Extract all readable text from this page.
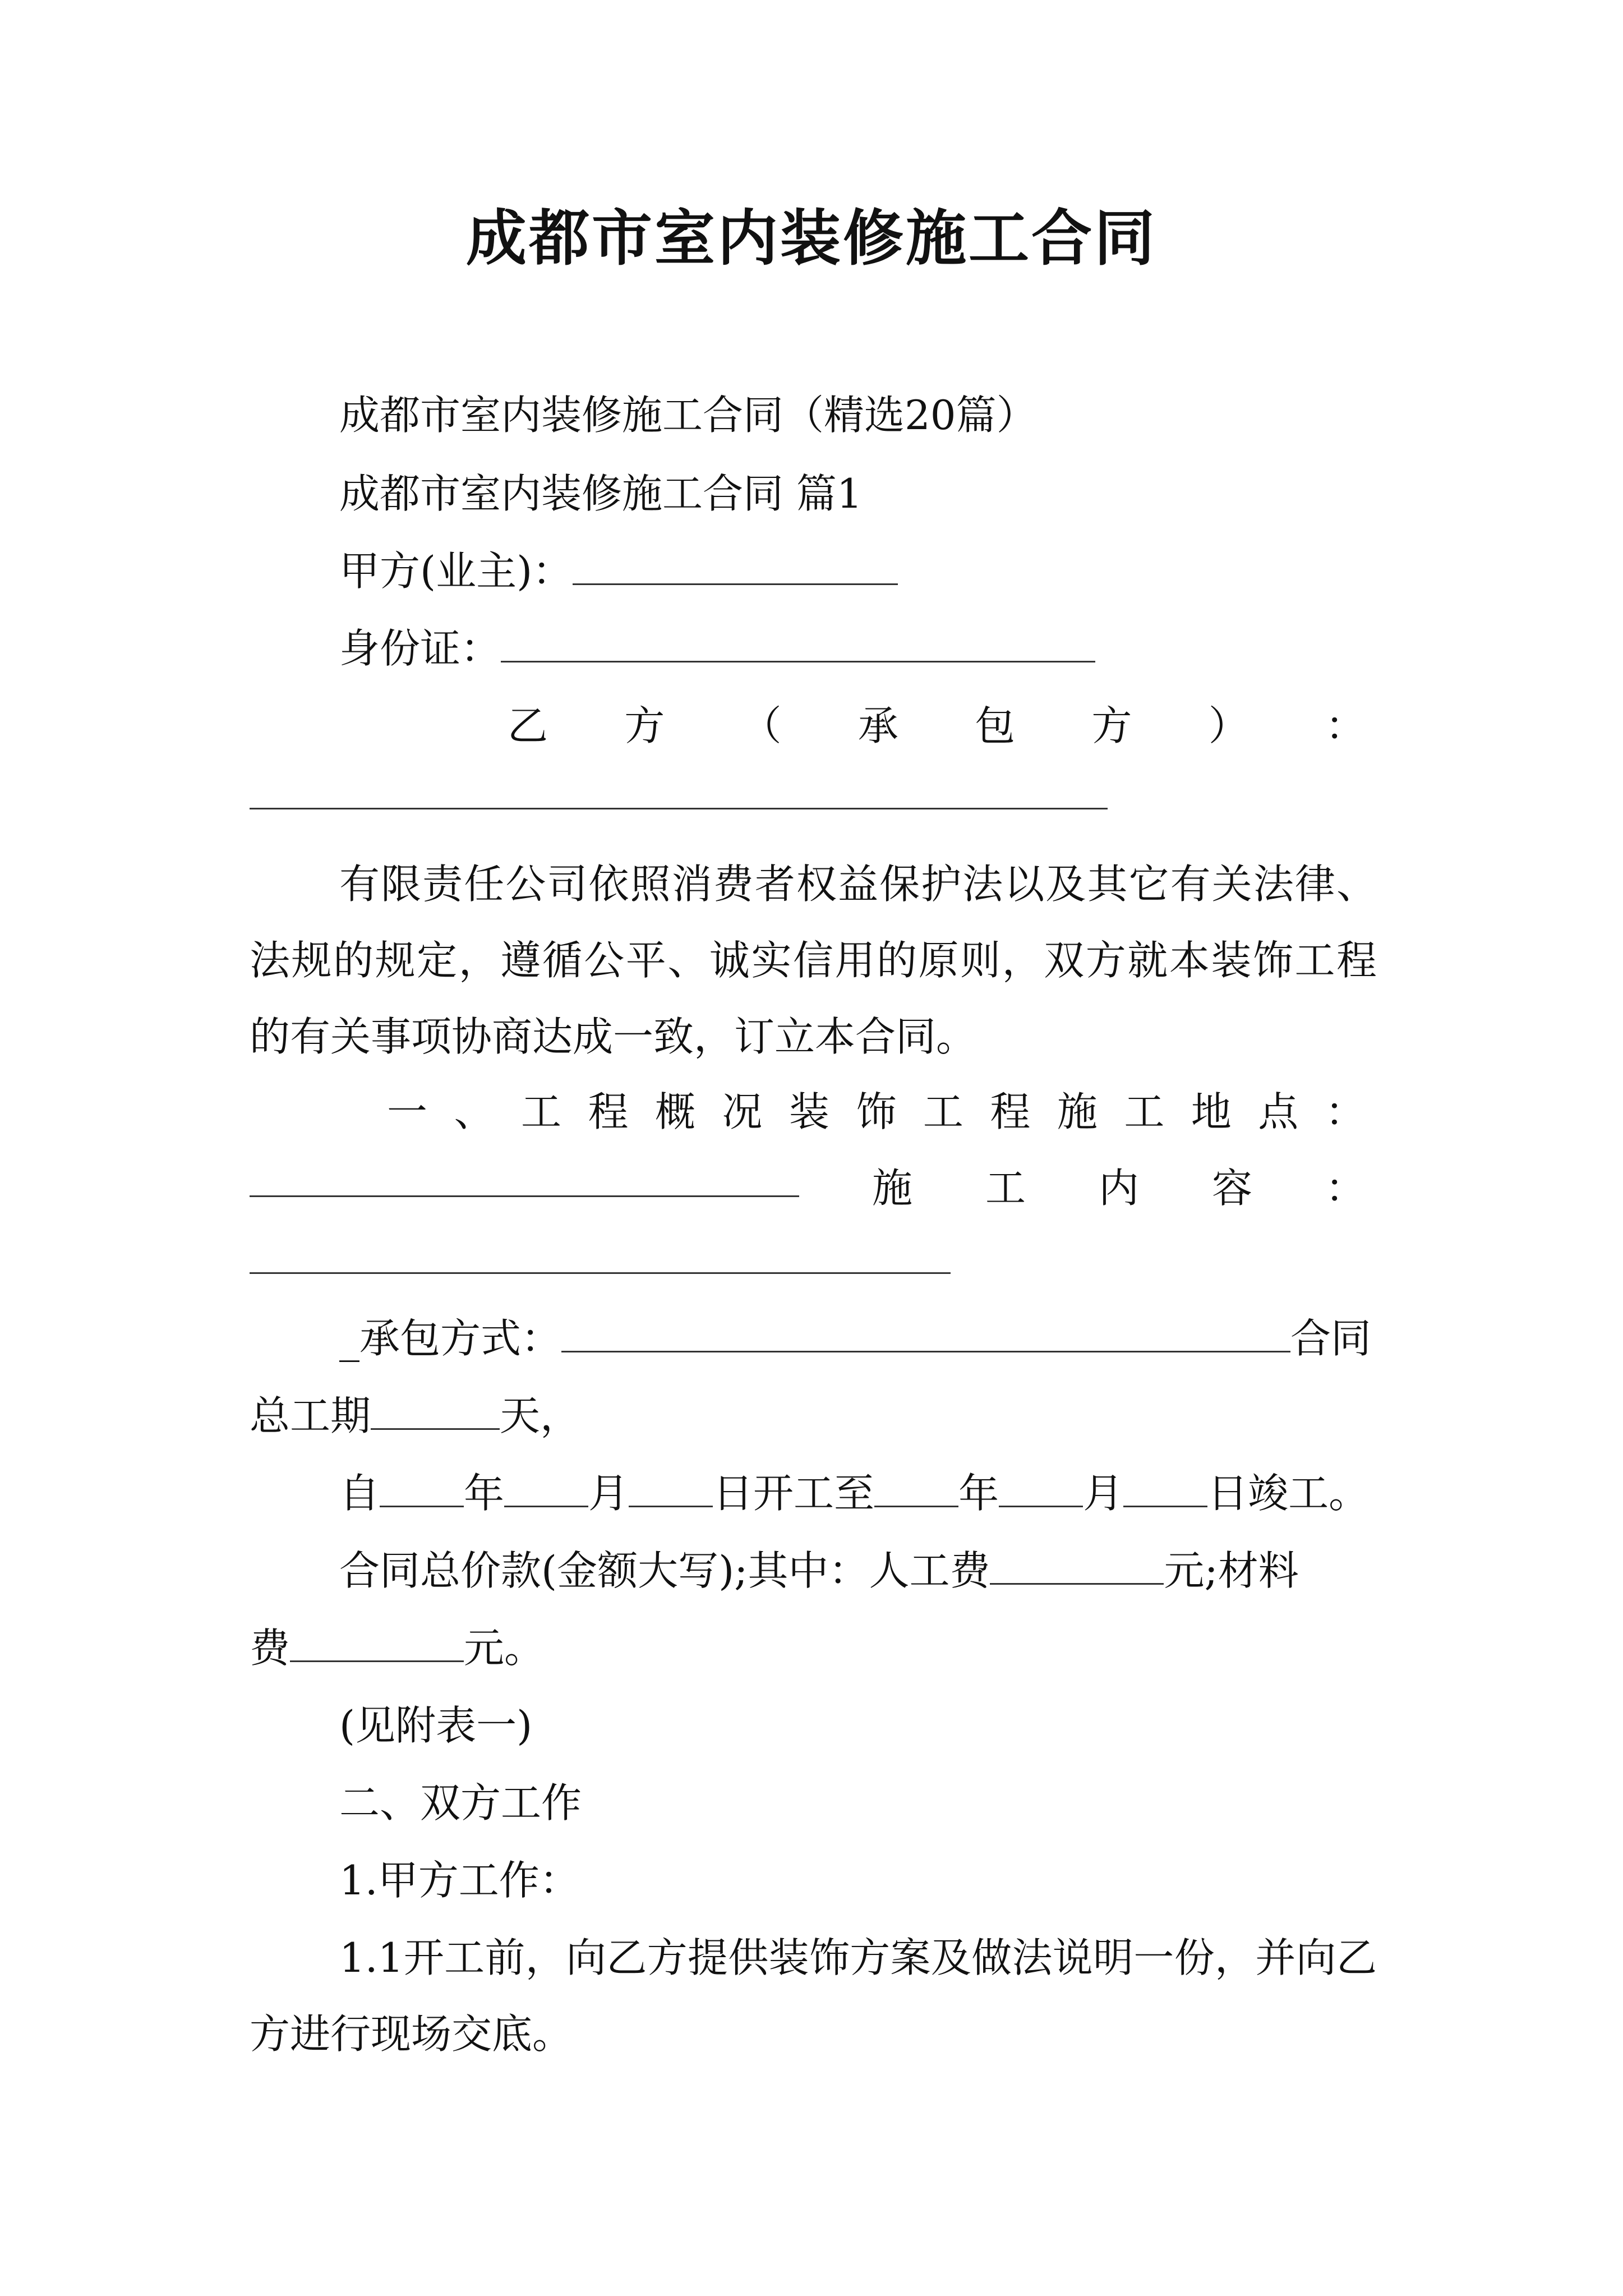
成都市室内装修施工合同
成都市室内装修施工合同（精选20篇）
成都市室内装修施工合同 篇1
甲方(业主)：
身份证：
乙 方 （ 承 包 方 ） ：
有限责任公司依照消费者权益保护法以及其它有关法律、法规的规定，遵循公平、诚实信用的原则，双方就本装饰工程的有关事项协商达成一致，订立本合同。
一 、 工 程 概 况 装 饰 工 程 施 工 地 点 ：
施 工 内 容 ：
_承包方式：	合同
总工期	天，
自 年 月 日开工至 年 月 日竣工。
合同总价款(金额大写);其中：人工费	元;材料
费	元。
(见附表一)
二、双方工作
1.甲方工作：
1.1开工前，向乙方提供装饰方案及做法说明一份，并向乙方进行现场交底。
